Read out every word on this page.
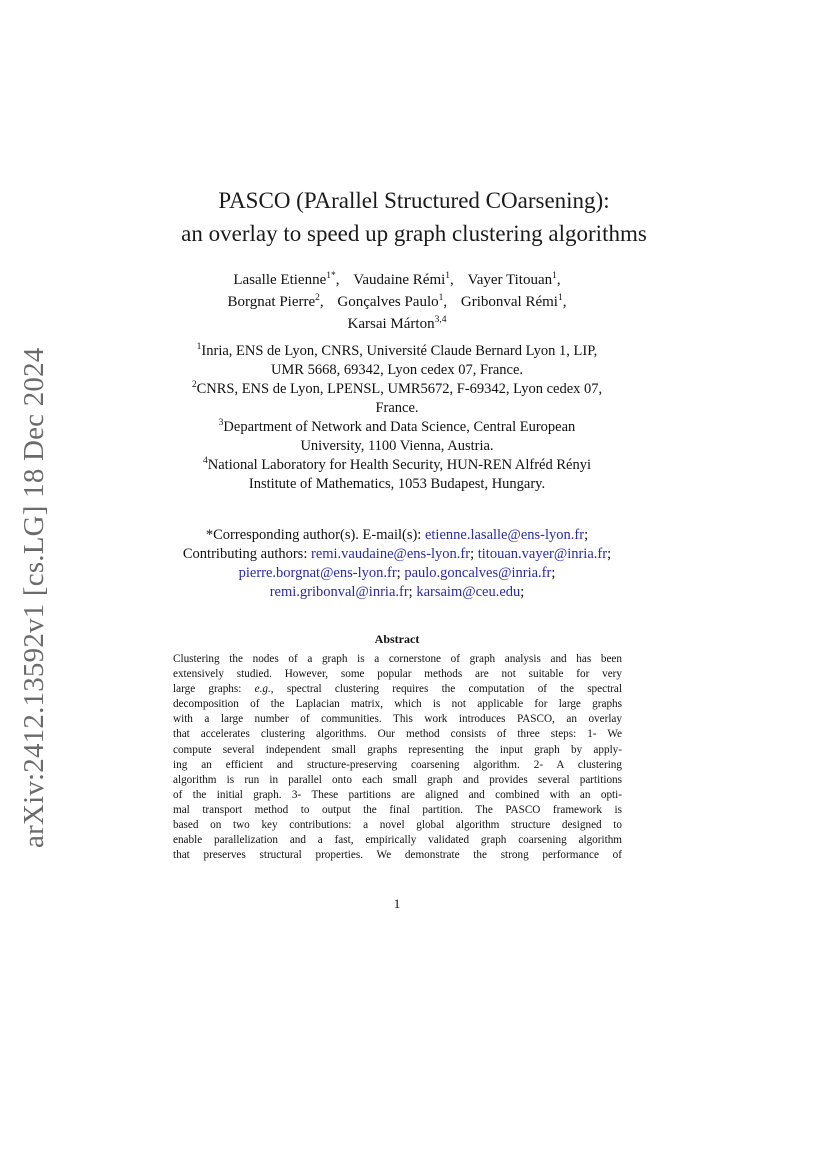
arXiv:2412.13592v1 [cs.LG] 18 Dec 2024
PASCO (PArallel Structured COarsening):
an overlay to speed up graph clustering algorithms
Lasalle Etienne$^{1*}$, Vaudaine Rémi$^1$, Vayer Titouan$^1$,
Borgnat Pierre$^2$, Gonçalves Paulo$^1$, Gribonval Rémi$^1$,
Karsai Márton$^{3,4}$
$^1$Inria, ENS de Lyon, CNRS, Université Claude Bernard Lyon 1, LIP,
UMR 5668, 69342, Lyon cedex 07, France.
$^2$CNRS, ENS de Lyon, LPENSL, UMR5672, F-69342, Lyon cedex 07,
France.
$^3$Department of Network and Data Science, Central European
University, 1100 Vienna, Austria.
$^4$National Laboratory for Health Security, HUN-REN Alfréd Rényi
Institute of Mathematics, 1053 Budapest, Hungary.
*Corresponding author(s). E-mail(s): etienne.lasalle@ens-lyon.fr;
Contributing authors: remi.vaudaine@ens-lyon.fr; titouan.vayer@inria.fr;
pierre.borgnat@ens-lyon.fr; paulo.goncalves@inria.fr;
remi.gribonval@inria.fr; karsaim@ceu.edu;
Abstract
Clustering the nodes of a graph is a cornerstone of graph analysis and has been
extensively studied. However, some popular methods are not suitable for very
large graphs: e.g., spectral clustering requires the computation of the spectral
decomposition of the Laplacian matrix, which is not applicable for large graphs
with a large number of communities. This work introduces PASCO, an overlay
that accelerates clustering algorithms. Our method consists of three steps: 1- We
compute several independent small graphs representing the input graph by apply-
ing an efficient and structure-preserving coarsening algorithm. 2- A clustering
algorithm is run in parallel onto each small graph and provides several partitions
of the initial graph. 3- These partitions are aligned and combined with an opti-
mal transport method to output the final partition. The PASCO framework is
based on two key contributions: a novel global algorithm structure designed to
enable parallelization and a fast, empirically validated graph coarsening algorithm
that preserves structural properties. We demonstrate the strong performance of
1
